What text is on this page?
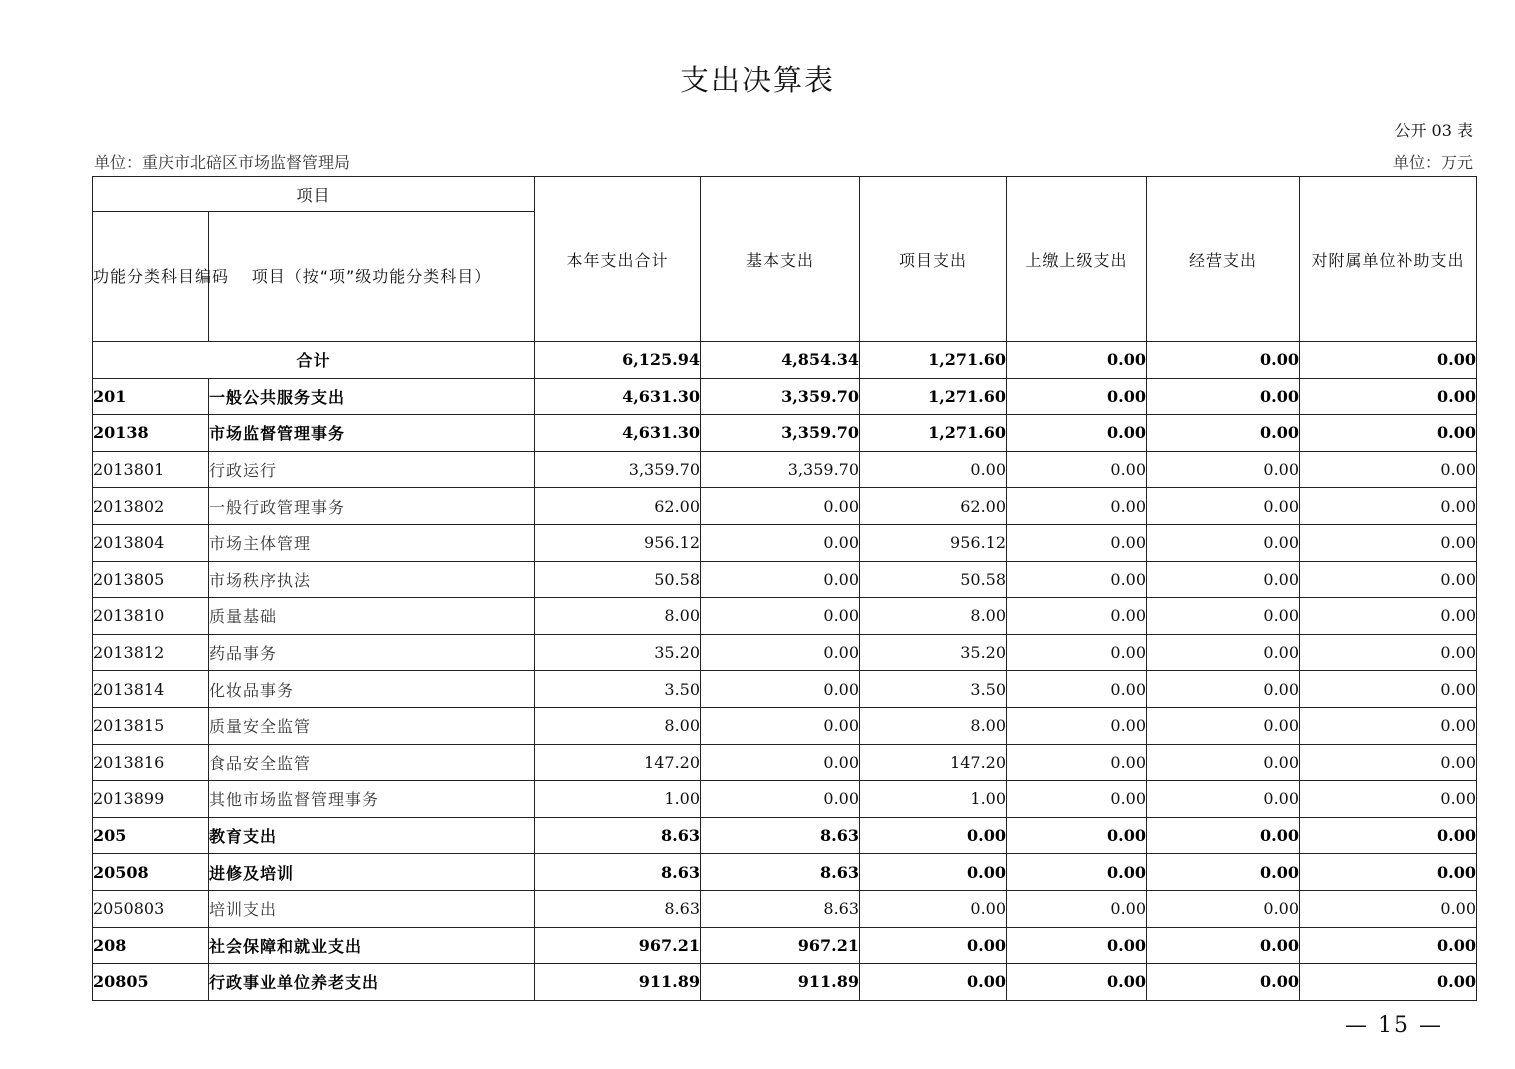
支出决算表
公开 03 表
单位：重庆市北碚区市场监督管理局	单位：万元
项目		本年支出合计	基本支出	项目支出	上缴上级支出	经营支出	对附属单位补助支出
功能分类科目编码	项目（按“项”级功能分类科目）						
合计		6,125.94	4,854.34	1,271.60	0.00	0.00	0.00
201	一般公共服务支出	4,631.30	3,359.70	1,271.60	0.00	0.00	0.00
20138	市场监督管理事务	4,631.30	3,359.70	1,271.60	0.00	0.00	0.00
2013801	行政运行	3,359.70	3,359.70	0.00	0.00	0.00	0.00
2013802	一般行政管理事务	62.00	0.00	62.00	0.00	0.00	0.00
2013804	市场主体管理	956.12	0.00	956.12	0.00	0.00	0.00
2013805	市场秩序执法	50.58	0.00	50.58	0.00	0.00	0.00
2013810	质量基础	8.00	0.00	8.00	0.00	0.00	0.00
2013812	药品事务	35.20	0.00	35.20	0.00	0.00	0.00
2013814	化妆品事务	3.50	0.00	3.50	0.00	0.00	0.00
2013815	质量安全监管	8.00	0.00	8.00	0.00	0.00	0.00
2013816	食品安全监管	147.20	0.00	147.20	0.00	0.00	0.00
2013899	其他市场监督管理事务	1.00	0.00	1.00	0.00	0.00	0.00
205	教育支出	8.63	8.63	0.00	0.00	0.00	0.00
20508	进修及培训	8.63	8.63	0.00	0.00	0.00	0.00
2050803	培训支出	8.63	8.63	0.00	0.00	0.00	0.00
208	社会保障和就业支出	967.21	967.21	0.00	0.00	0.00	0.00
20805	行政事业单位养老支出	911.89	911.89	0.00	0.00	0.00	0.00
— 15 —
